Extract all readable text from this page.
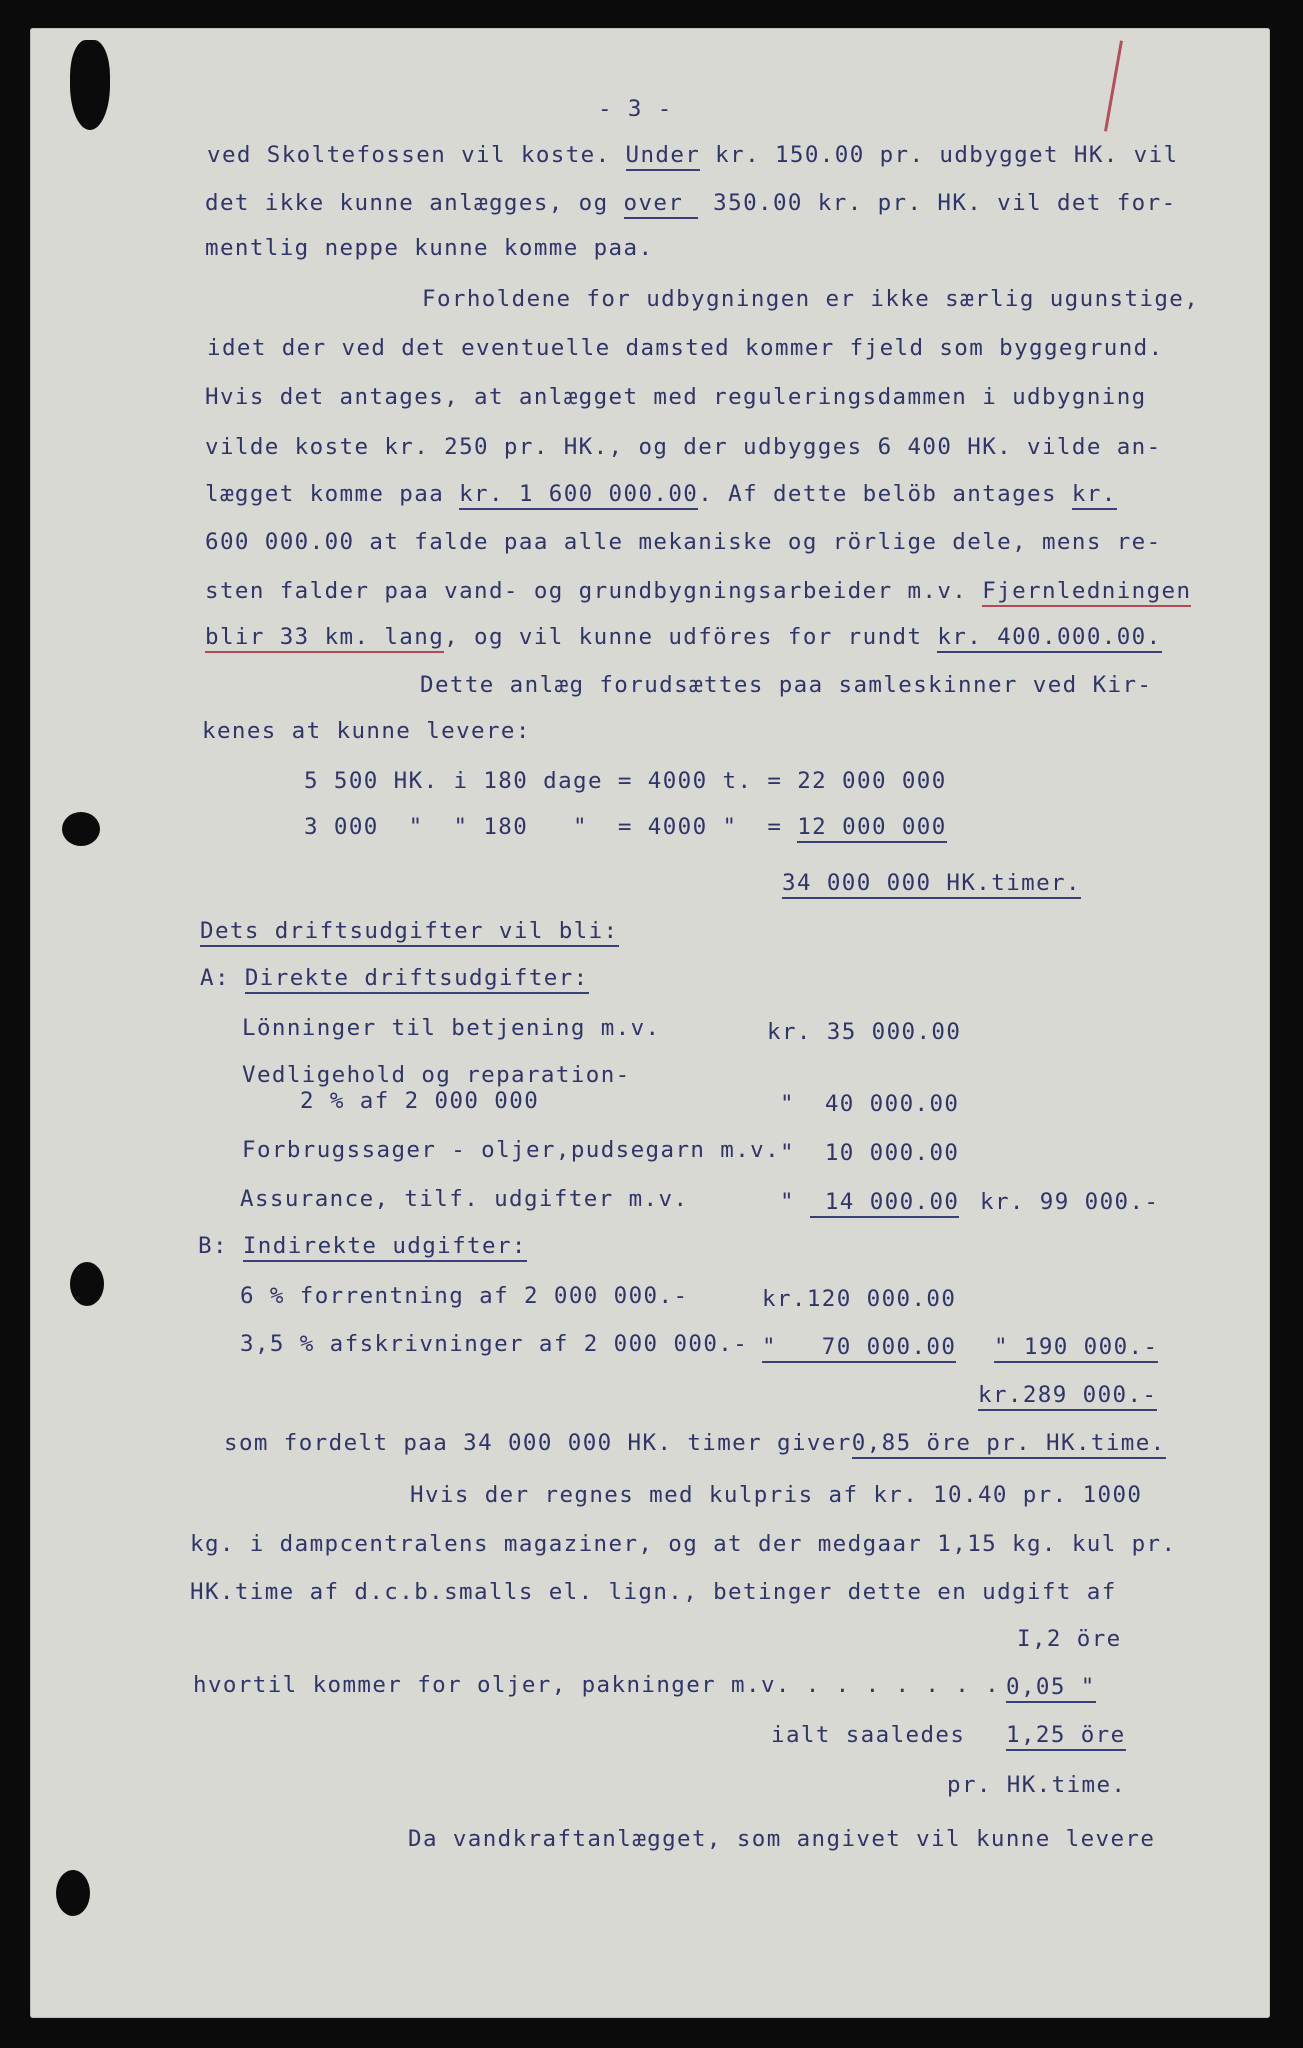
- 3 -
ved Skoltefossen vil koste. Under kr. 150.00 pr. udbygget HK. vil
det ikke kunne anlægges, og over  350.00 kr. pr. HK. vil det for-
mentlig neppe kunne komme paa.
Forholdene for udbygningen er ikke særlig ugunstige,
idet der ved det eventuelle damsted kommer fjeld som byggegrund.
Hvis det antages, at anlægget med reguleringsdammen i udbygning
vilde koste kr. 250 pr. HK., og der udbygges 6 400 HK. vilde an-
lægget komme paa kr. 1 600 000.00. Af dette belöb antages kr.
600 000.00 at falde paa alle mekaniske og rörlige dele, mens re-
sten falder paa vand- og grundbygningsarbeider m.v. Fjernledningen
blir 33 km. lang, og vil kunne udföres for rundt kr. 400.000.00.
Dette anlæg forudsættes paa samleskinner ved Kir-
kenes at kunne levere:
5 500 HK. i 180 dage = 4000 t. = 22 000 000
3 000  "  " 180   "  = 4000 "  = 12 000 000
34 000 000 HK.timer.
Dets driftsudgifter vil bli:
A: Direkte driftsudgifter:
Lönninger til betjening m.v.	kr. 35 000.00
Vedligehold og reparation-
2 % af 2 000 000	"  40 000.00
Forbrugssager - oljer,pudsegarn m.v. "  10 000.00
Assurance, tilf. udgifter m.v.	"  14 000.00 kr. 99 000.-
B: Indirekte udgifter:
6 % forrentning af 2 000 000.-	kr.120 000.00
3,5 % afskrivninger af 2 000 000.- "   70 000.00 " 190 000.-
kr.289 000.-
som fordelt paa 34 000 000 HK. timer giver0,85 öre pr. HK.time.
Hvis der regnes med kulpris af kr. 10.40 pr. 1000
kg. i dampcentralens magaziner, og at der medgaar 1,15 kg. kul pr.
HK.time af d.c.b.smalls el. lign., betinger dette en udgift af
I,2 öre
hvortil kommer for oljer, pakninger m.v. . . . . . . . 0,05 "
ialt saaledes 1,25 öre
pr. HK.time.
Da vandkraftanlægget, som angivet vil kunne levere
